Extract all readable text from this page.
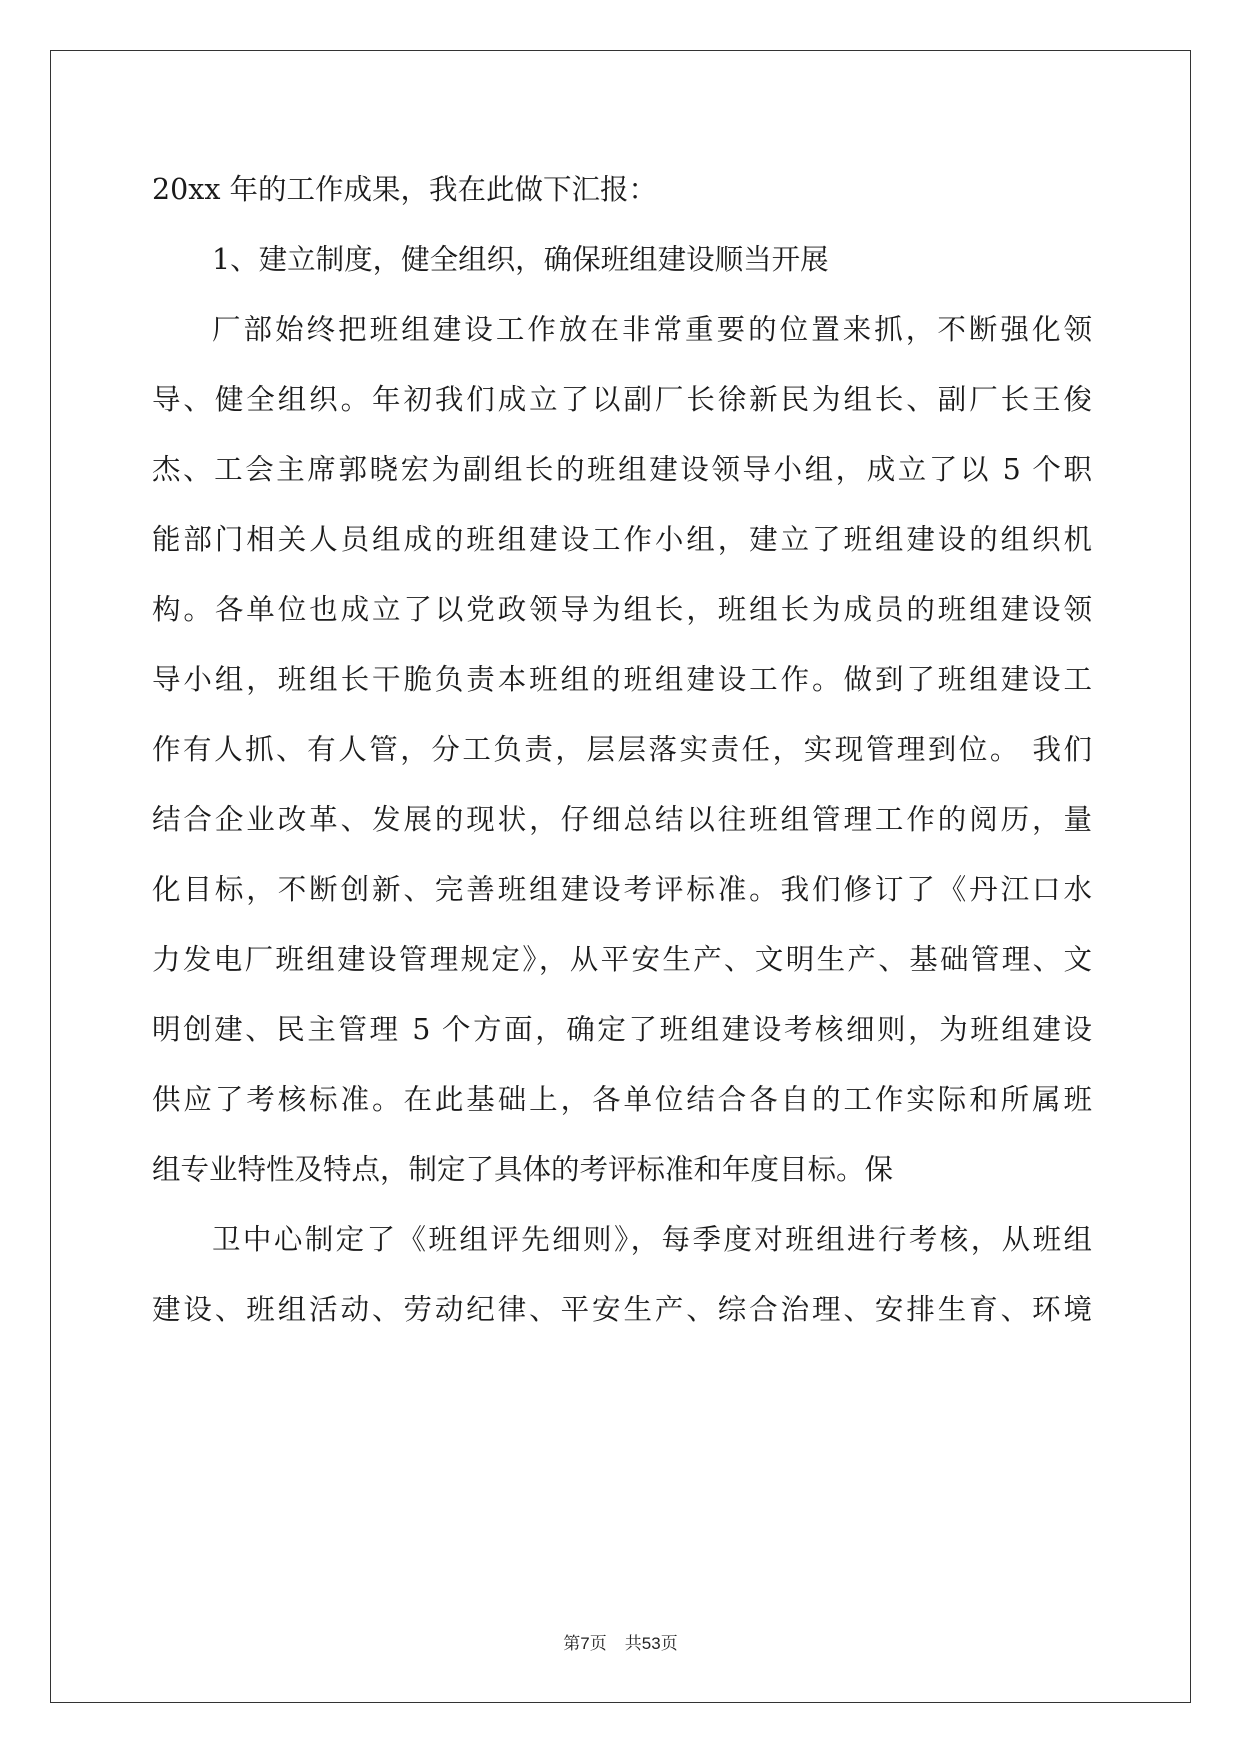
20xx 年的工作成果，我在此做下汇报：
1、建立制度，健全组织，确保班组建设顺当开展
厂部始终把班组建设工作放在非常重要的位置来抓，不断强化领
导、健全组织。年初我们成立了以副厂长徐新民为组长、副厂长王俊
杰、工会主席郭晓宏为副组长的班组建设领导小组，成立了以 5 个职
能部门相关人员组成的班组建设工作小组，建立了班组建设的组织机
构。各单位也成立了以党政领导为组长，班组长为成员的班组建设领
导小组，班组长干脆负责本班组的班组建设工作。做到了班组建设工
作有人抓、有人管，分工负责，层层落实责任，实现管理到位。 我们
结合企业改革、发展的现状，仔细总结以往班组管理工作的阅历，量
化目标，不断创新、完善班组建设考评标准。我们修订了《丹江口水
力发电厂班组建设管理规定》，从平安生产、文明生产、基础管理、文
明创建、民主管理 5 个方面，确定了班组建设考核细则，为班组建设
供应了考核标准。在此基础上，各单位结合各自的工作实际和所属班
组专业特性及特点，制定了具体的考评标准和年度目标。保
卫中心制定了《班组评先细则》，每季度对班组进行考核，从班组
建设、班组活动、劳动纪律、平安生产、综合治理、安排生育、环境
第7页 共53页
